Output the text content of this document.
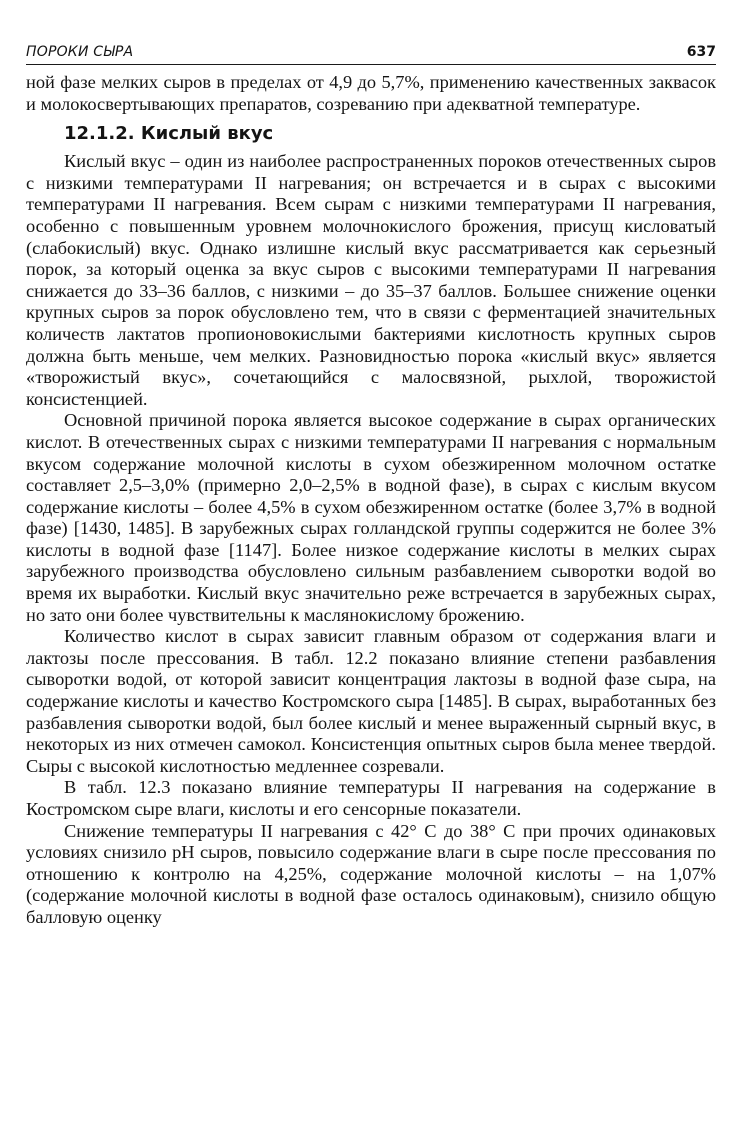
ПОРОКИ СЫРА	637

ной фазе мелких сыров в пределах от 4,9 до 5,7%, применению качественных заквасок и молокосвертывающих препаратов, созреванию при адекватной температуре.

12.1.2. Кислый вкус

Кислый вкус – один из наиболее распространенных пороков отечественных сыров с низкими температурами II нагревания; он встречается и в сырах с высокими температурами II нагревания. Всем сырам с низкими температурами II нагревания, особенно с повышенным уровнем молочнокислого брожения, присущ кисловатый (слабокислый) вкус. Однако излишне кислый вкус рассматривается как серьезный порок, за который оценка за вкус сыров с высокими температурами II нагревания снижается до 33–36 баллов, с низкими – до 35–37 баллов. Большее снижение оценки крупных сыров за порок обусловлено тем, что в связи с ферментацией значительных количеств лактатов пропионовокислыми бактериями кислотность крупных сыров должна быть меньше, чем мелких. Разновидностью порока «кислый вкус» является «творожистый вкус», сочетающийся с малосвязной, рыхлой, творожистой консистенцией.

Основной причиной порока является высокое содержание в сырах органических кислот. В отечественных сырах с низкими температурами II нагревания с нормальным вкусом содержание молочной кислоты в сухом обезжиренном молочном остатке составляет 2,5–3,0% (примерно 2,0–2,5% в водной фазе), в сырах с кислым вкусом содержание кислоты – более 4,5% в сухом обезжиренном остатке (более 3,7% в водной фазе) [1430, 1485]. В зарубежных сырах голландской группы содержится не более 3% кислоты в водной фазе [1147]. Более низкое содержание кислоты в мелких сырах зарубежного производства обусловлено сильным разбавлением сыворотки водой во время их выработки. Кислый вкус значительно реже встречается в зарубежных сырах, но зато они более чувствительны к маслянокислому брожению.

Количество кислот в сырах зависит главным образом от содержания влаги и лактозы после прессования. В табл. 12.2 показано влияние степени разбавления сыворотки водой, от которой зависит концентрация лактозы в водной фазе сыра, на содержание кислоты и качество Костромского сыра [1485]. В сырах, выработанных без разбавления сыворотки водой, был более кислый и менее выраженный сырный вкус, в некоторых из них отмечен самокол. Консистенция опытных сыров была менее твердой. Сыры с высокой кислотностью медленнее созревали.

В табл. 12.3 показано влияние температуры II нагревания на содержание в Костромском сыре влаги, кислоты и его сенсорные показатели.

Снижение температуры II нагревания с 42° С до 38° С при прочих одинаковых условиях снизило pH сыров, повысило содержание влаги в сыре после прессования по отношению к контролю на 4,25%, содержание молочной кислоты – на 1,07% (содержание молочной кислоты в водной фазе осталось одинаковым), снизило общую балловую оценку
